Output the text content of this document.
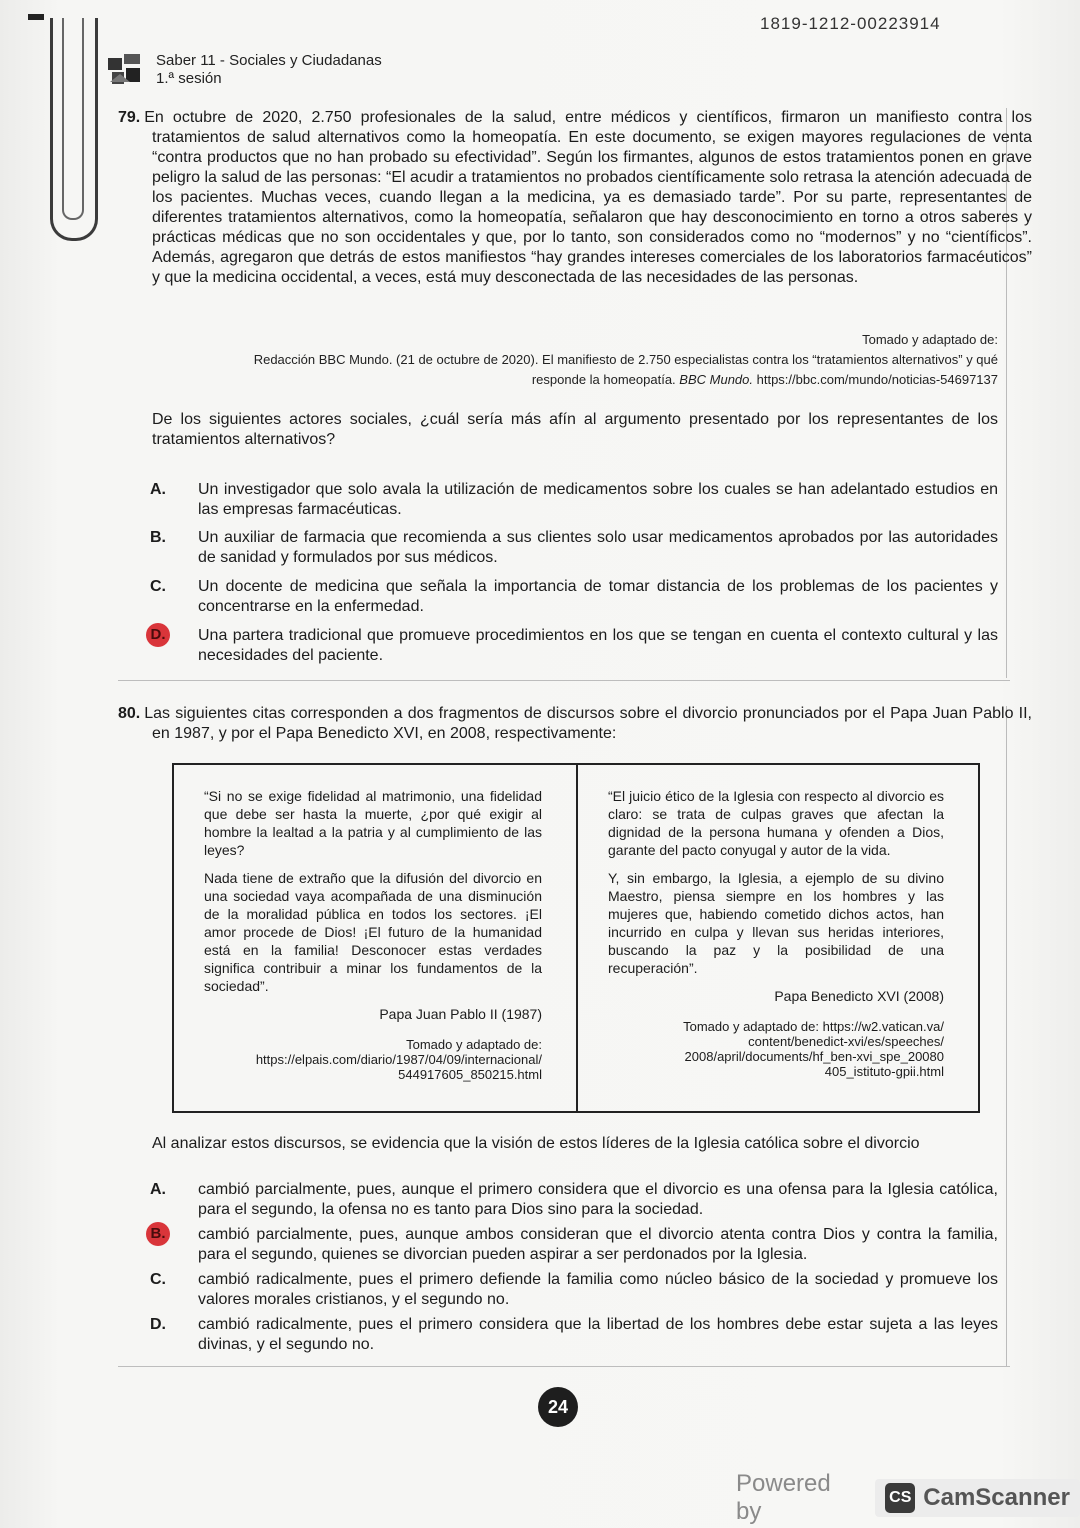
1819-1212-00223914
Saber 11 - Sociales y Ciudadanas
1.ª sesión
79. En octubre de 2020, 2.750 profesionales de la salud, entre médicos y científicos, firmaron un manifiesto contra los tratamientos de salud alternativos como la homeopatía. En este documento, se exigen mayores regulaciones de venta “contra productos que no han probado su efectividad”. Según los firmantes, algunos de estos tratamientos ponen en grave peligro la salud de las personas: “El acudir a tratamientos no probados científicamente solo retrasa la atención adecuada de los pacientes. Muchas veces, cuando llegan a la medicina, ya es demasiado tarde”. Por su parte, representantes de diferentes tratamientos alternativos, como la homeopatía, señalaron que hay desconocimiento en torno a otros saberes y prácticas médicas que no son occidentales y que, por lo tanto, son considerados como no “modernos” y no “científicos”. Además, agregaron que detrás de estos manifiestos “hay grandes intereses comerciales de los laboratorios farmacéuticos” y que la medicina occidental, a veces, está muy desconectada de las necesidades de las personas.
Tomado y adaptado de:
Redacción BBC Mundo. (21 de octubre de 2020). El manifiesto de 2.750 especialistas contra los “tratamientos alternativos” y qué
responde la homeopatía. BBC Mundo. https://bbc.com/mundo/noticias-54697137
De los siguientes actores sociales, ¿cuál sería más afín al argumento presentado por los representantes de los tratamientos alternativos?
A.	Un investigador que solo avala la utilización de medicamentos sobre los cuales se han adelantado estudios en las empresas farmacéuticas.
B.	Un auxiliar de farmacia que recomienda a sus clientes solo usar medicamentos aprobados por las autoridades de sanidad y formulados por sus médicos.
C.	Un docente de medicina que señala la importancia de tomar distancia de los problemas de los pacientes y concentrarse en la enfermedad.
D. Una partera tradicional que promueve procedimientos en los que se tengan en cuenta el contexto cultural y las necesidades del paciente.
80. Las siguientes citas corresponden a dos fragmentos de discursos sobre el divorcio pronunciados por el Papa Juan Pablo II, en 1987, y por el Papa Benedicto XVI, en 2008, respectivamente:

“Si no se exige fidelidad al matrimonio, una fidelidad que debe ser hasta la muerte, ¿por qué exigir al hombre la lealtad a la patria y al cumplimiento de las leyes?

Nada tiene de extraño que la difusión del divorcio en una sociedad vaya acompañada de una disminución de la moralidad pública en todos los sectores. ¡El amor procede de Dios! ¡El futuro de la humanidad está en la familia! Desconocer estas verdades significa contribuir a minar los fundamentos de la sociedad”.

Papa Juan Pablo II (1987)
Tomado y adaptado de:
https://elpais.com/diario/1987/04/09/internacional/
544917605_850215.html

“El juicio ético de la Iglesia con respecto al divorcio es claro: se trata de culpas graves que afectan la dignidad de la persona humana y ofenden a Dios, garante del pacto conyugal y autor de la vida.

Y, sin embargo, la Iglesia, a ejemplo de su divino Maestro, piensa siempre en los hombres y las mujeres que, habiendo cometido dichos actos, han incurrido en culpa y llevan sus heridas interiores, buscando la paz y la posibilidad de una recuperación”.

Papa Benedicto XVI (2008)
Tomado y adaptado de: https://w2.vatican.va/
content/benedict-xvi/es/speeches/
2008/april/documents/hf_ben-xvi_spe_20080
405_istituto-gpii.html
Al analizar estos discursos, se evidencia que la visión de estos líderes de la Iglesia católica sobre el divorcio
A.	cambió parcialmente, pues, aunque el primero considera que el divorcio es una ofensa para la Iglesia católica, para el segundo, la ofensa no es tanto para Dios sino para la sociedad.
B. cambió parcialmente, pues, aunque ambos consideran que el divorcio atenta contra Dios y contra la familia, para el segundo, quienes se divorcian pueden aspirar a ser perdonados por la Iglesia.
C.	cambió radicalmente, pues el primero defiende la familia como núcleo básico de la sociedad y promueve los valores morales cristianos, y el segundo no.
D.	cambió radicalmente, pues el primero considera que la libertad de los hombres debe estar sujeta a las leyes divinas, y el segundo no.
24
Powered by
CS CamScanner
